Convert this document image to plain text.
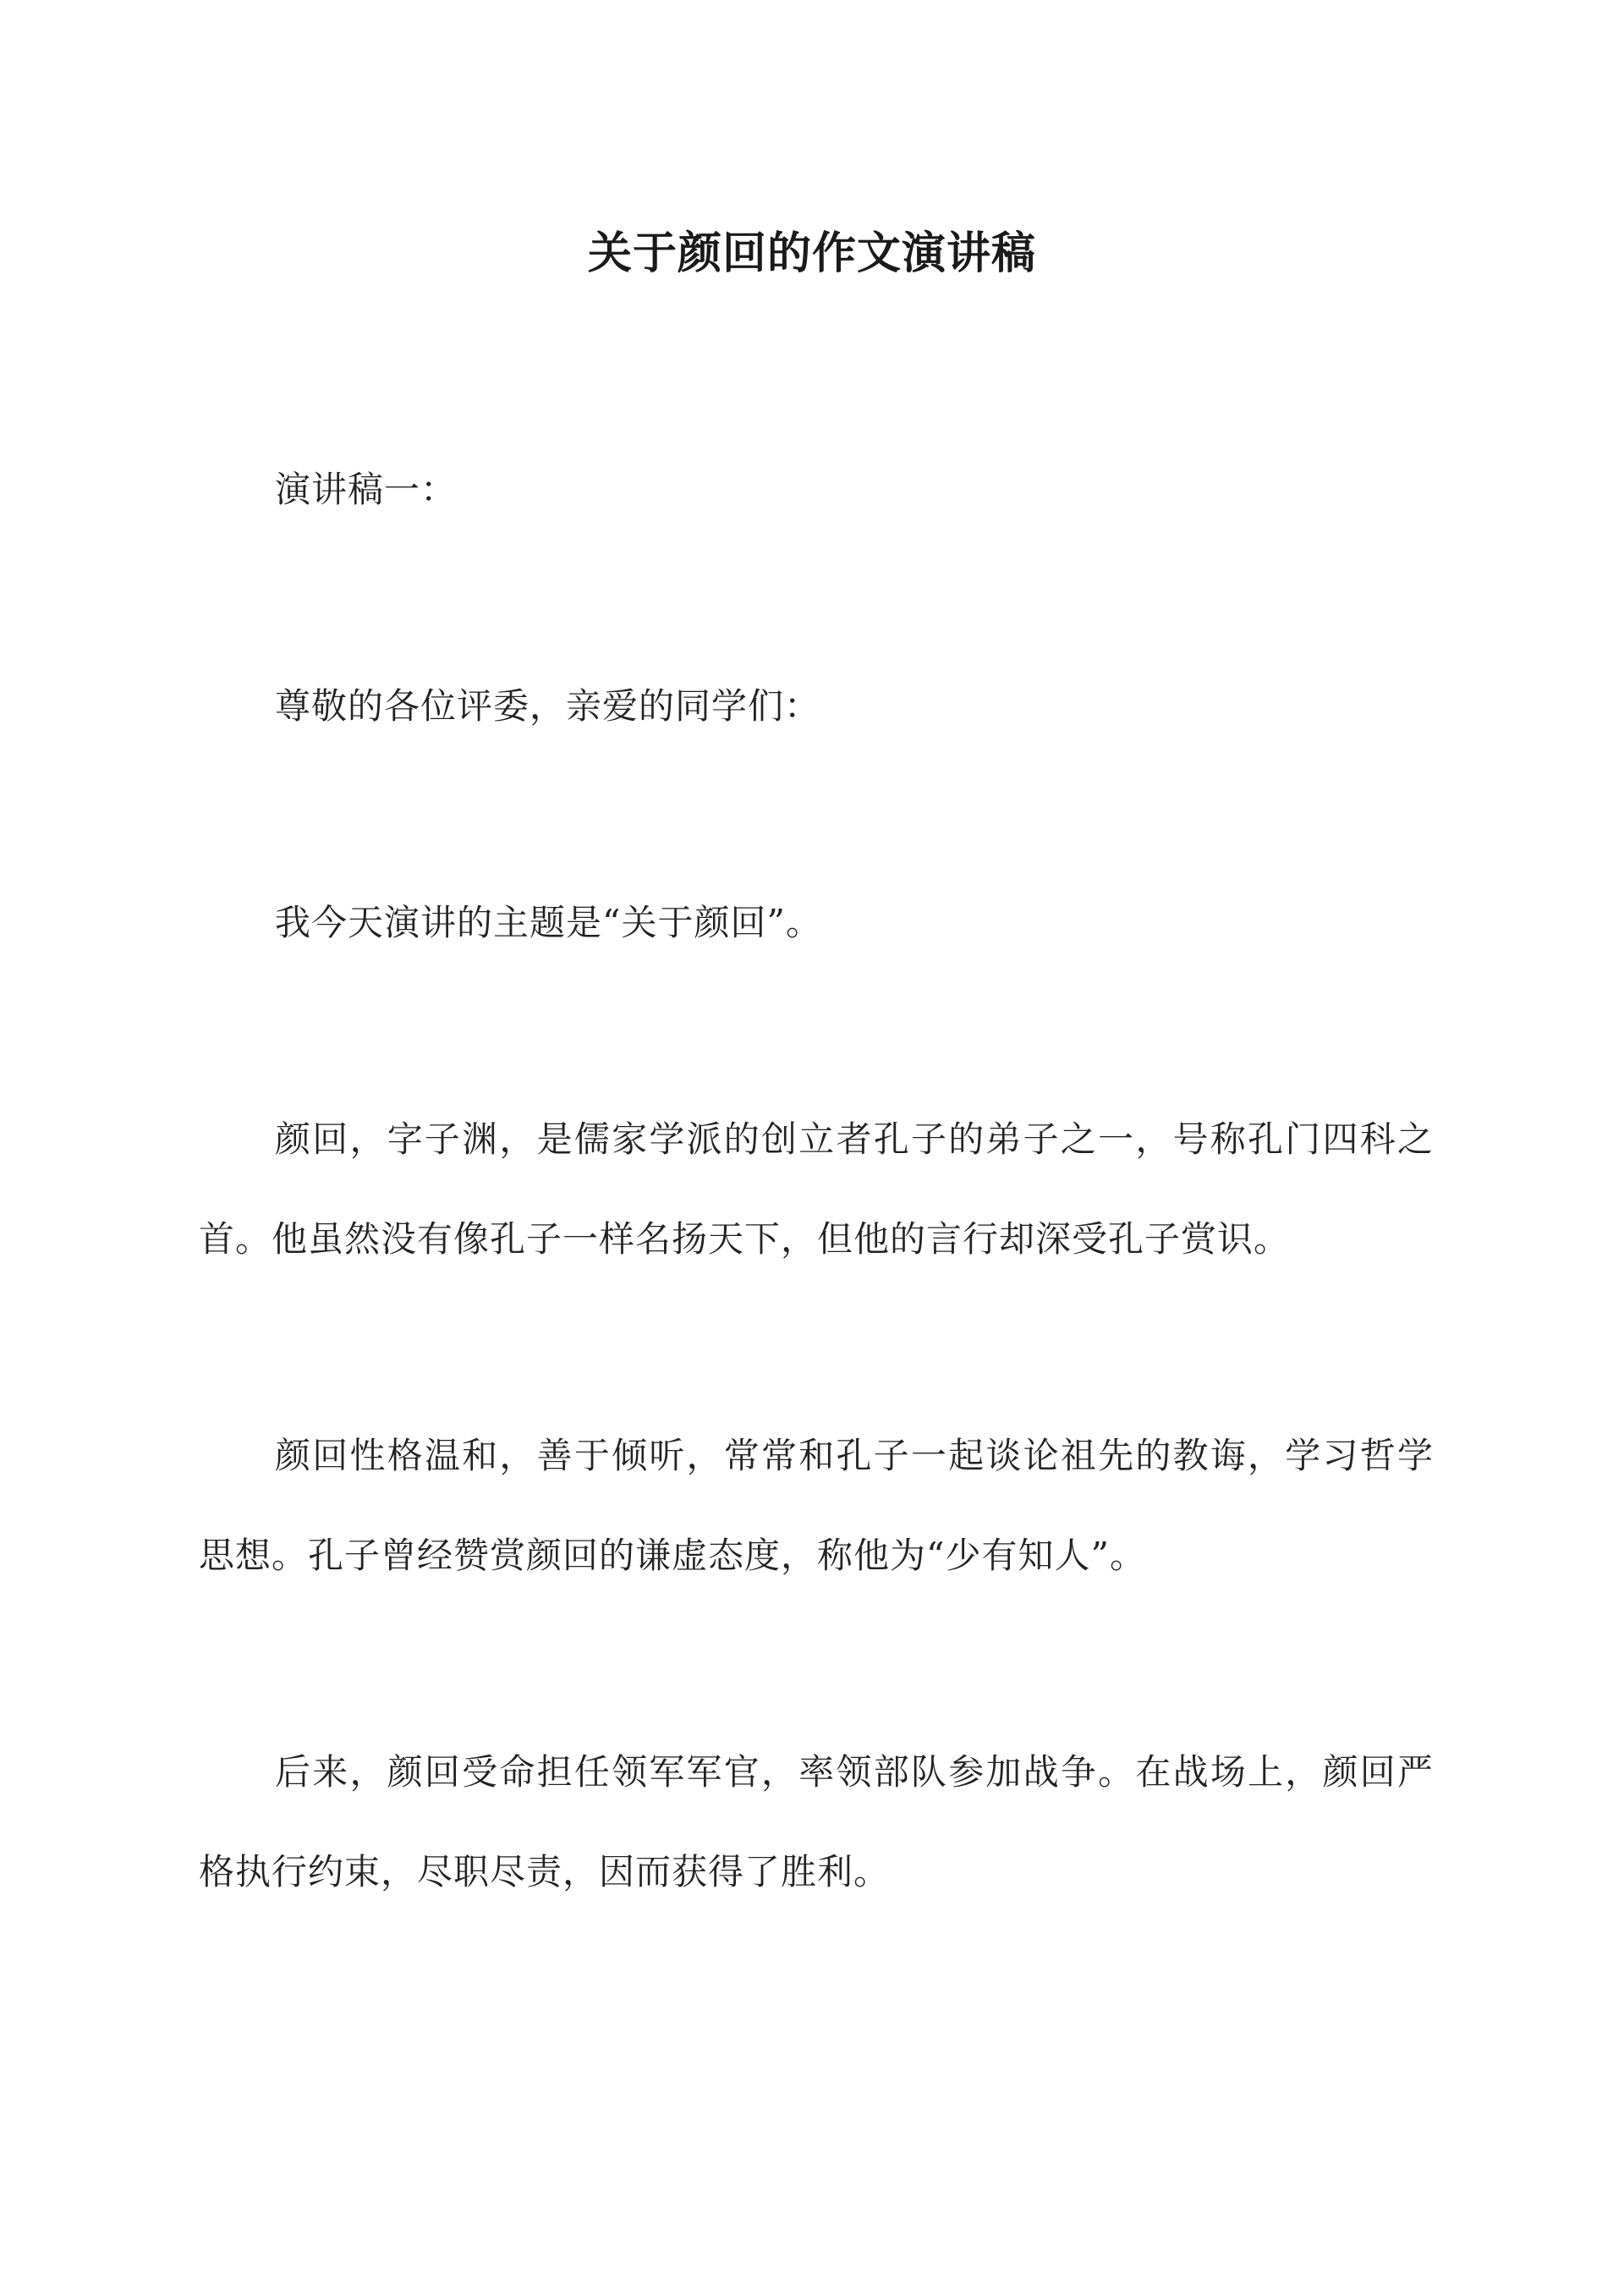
关于颜回的作文演讲稿

演讲稿一：

尊敬的各位评委，亲爱的同学们：

我今天演讲的主题是“关于颜回”。

颜回，字子渊，是儒家学派的创立者孔子的弟子之一，号称孔门四科之首。他虽然没有像孔子一样名扬天下，但他的言行却深受孔子赏识。

颜回性格温和，善于倾听，常常和孔子一起谈论祖先的教诲，学习哲学思想。孔子曾经赞赏颜回的谦虚态度，称他为“少有知人”。

后来，颜回受命担任领军军官，率领部队参加战争。在战场上，颜回严格执行约束，尽职尽责，因而获得了胜利。
